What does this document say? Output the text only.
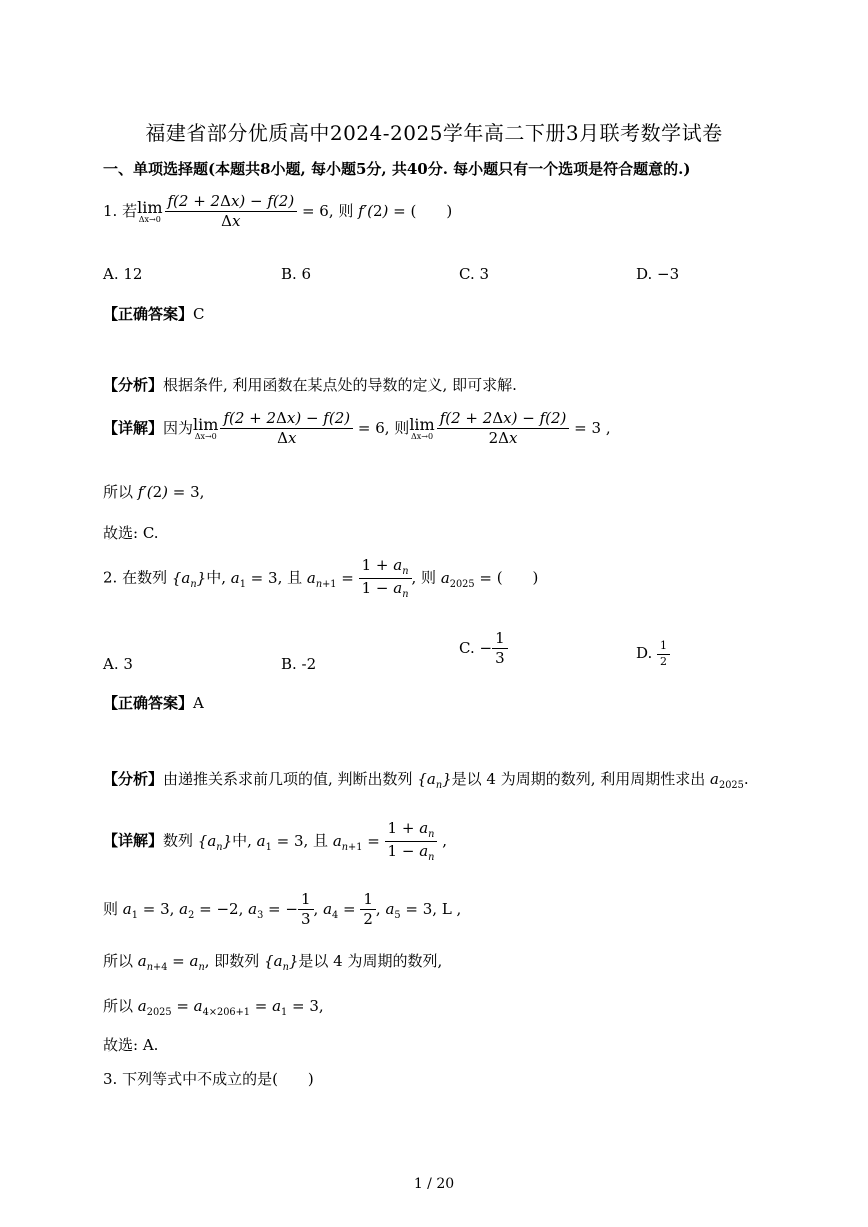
福建省部分优质高中2024-2025学年高二下册3月联考数学试卷
一、单项选择题(本题共8小题, 每小题5分, 共40分. 每小题只有一个选项是符合题意的.)
1. 若 lim
$\Delta x\to 0 \frac{f(2 + 2\Delta x) - f(2)}{\Delta x} = 6$, 则 f′(2) = (　　)
A. 12	B. 6	C. 3	D. −3
【正确答案】C
【分析】根据条件, 利用函数在某点处的导数的定义, 即可求解.
【详解】因为 lim
$\Delta x\to 0 \frac{f(2 + 2\Delta x) - f(2)}{\Delta x} = 6$, 则 lim
$\Delta x\to 0 \frac{f(2 + 2\Delta x) - f(2)}{2\Delta x} = 3$ ,
所以 f′(2) = 3,
故选: C.
2. 在数列 $\{a_n\}$中, $a_1 = 3$, 且 $a_{n+1} = \frac{1 + a_n}{1 - a_n}$ , 则 $a_{2025}$ = (　　)
A. 3	B. -2
C. − $\frac{1}{3}$	D. $\frac{1}{2}$
【正确答案】A
【分析】由递推关系求前几项的值, 判断出数列 $\{a_n\}$是以 4 为周期的数列, 利用周期性求出 $a_{2025}$.
【详解】数列 $\{a_n\}$中, $a_1 = 3$, 且 $a_{n+1} = \frac{1 + a_n}{1 - a_n}$ ,
则 $a_1 = 3$, $a_2 = -2$, $a_3$ = − $\frac{1}{3}$ , $a_4 = \frac{1}{2}$ , $a_5 = 3$, L ,
所以 $a_{n+4} = a_n$, 即数列 $\{a_n\}$是以 4 为周期的数列,
所以 $a_{2025} = a_{4\times 206+1} = a_1 = 3$,
故选: A.
3. 下列等式中不成立的是(　　)
1 / 20
